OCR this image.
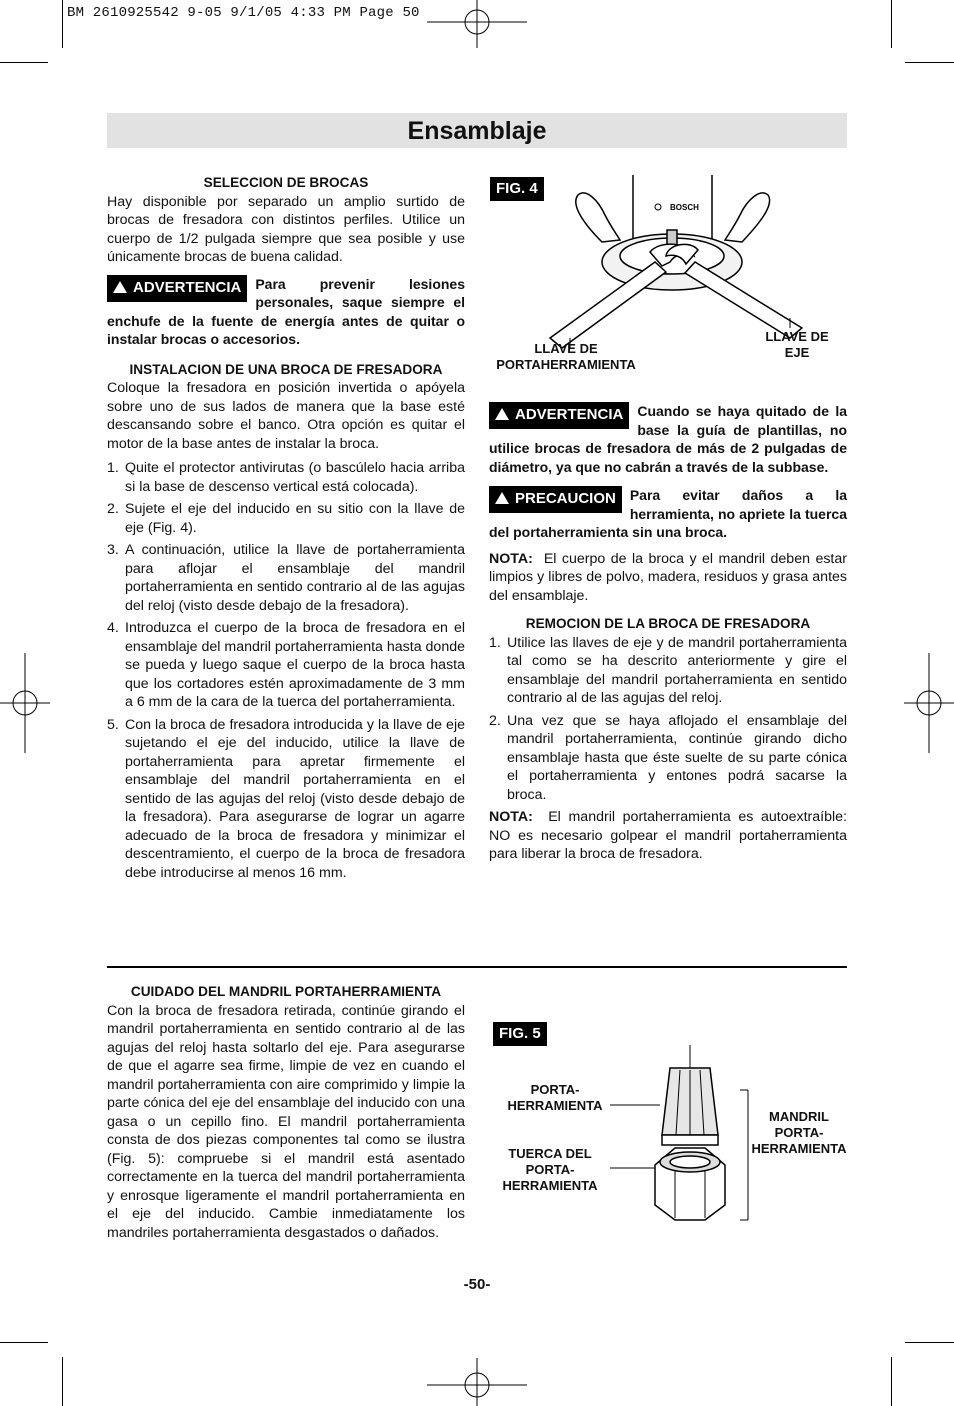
BM 2610925542 9-05 9/1/05 4:33 PM Page 50
Ensamblaje
SELECCION DE BROCAS

Hay disponible por separado un amplio surtido de brocas de fresadora con distintos perfiles. Utilice un cuerpo de 1/2 pulgada siempre que sea posible y use únicamente brocas de buena calidad.

ADVERTENCIA	Para prevenir lesiones personales, saque siempre el enchufe de la fuente de energía antes de quitar o instalar brocas o accesorios.
INSTALACION DE UNA BROCA DE FRESADORA

Coloque la fresadora en posición invertida o apóyela sobre uno de sus lados de manera que la base esté descansando sobre el banco. Otra opción es quitar el motor de la base antes de instalar la broca.

1. Quite el protector antivirutas (o bascúlelo hacia arriba si la base de descenso vertical está colocada).
2. Sujete el eje del inducido en su sitio con la llave de eje (Fig. 4).
3. A continuación, utilice la llave de portaherramienta para aflojar el ensamblaje del mandril portaherramienta en sentido contrario al de las agujas del reloj (visto desde debajo de la fresadora).
4. Introduzca el cuerpo de la broca de fresadora en el ensamblaje del mandril portaherramienta hasta donde se pueda y luego saque el cuerpo de la broca hasta que los cortadores estén aproximadamente de 3 mm a 6 mm de la cara de la tuerca del portaherramienta.
5. Con la broca de fresadora introducida y la llave de eje sujetando el eje del inducido, utilice la llave de portaherramienta para apretar firmemente el ensamblaje del mandril portaherramienta en el sentido de las agujas del reloj (visto desde debajo de la fresadora). Para asegurarse de lograr un agarre adecuado de la broca de fresadora y minimizar el descentramiento, el cuerpo de la broca de fresadora debe introducirse al menos 16 mm.
CUIDADO DEL MANDRIL PORTAHERRAMIENTA

Con la broca de fresadora retirada, continúe girando el mandril portaherramienta en sentido contrario al de las agujas del reloj hasta soltarlo del eje. Para asegurarse de que el agarre sea firme, limpie de vez en cuando el mandril portaherramienta con aire comprimido y limpie la parte cónica del eje del ensamblaje del inducido con una gasa o un cepillo fino. El mandril portaherramienta consta de dos piezas componentes tal como se ilustra (Fig. 5): compruebe si el mandril está asentado correctamente en la tuerca del mandril portaherramienta y enrosque ligeramente el mandril portaherramienta en el eje del inducido. Cambie inmediatamente los mandriles portaherramienta desgastados o dañados.

FIG. 4
BOSCH
LLAVE DE
PORTAHERRAMIENTA
LLAVE DE
EJE
ADVERTENCIA	Cuando se haya quitado de la base la guía de plantillas, no utilice brocas de fresadora de más de 2 pulgadas de diámetro, ya que no cabrán a través de la subbase.
PRECAUCION	Para evitar daños a la herramienta, no apriete la tuerca del portaherramienta sin una broca.

NOTA: El cuerpo de la broca y el mandril deben estar limpios y libres de polvo, madera, residuos y grasa antes del ensamblaje.

REMOCION DE LA BROCA DE FRESADORA
1. Utilice las llaves de eje y de mandril portaherramienta tal como se ha descrito anteriormente y gire el ensamblaje del mandril portaherramienta en sentido contrario al de las agujas del reloj.
2. Una vez que se haya aflojado el ensamblaje del mandril portaherramienta, continúe girando dicho ensamblaje hasta que éste suelte de su parte cónica el portaherramienta y entones podrá sacarse la broca.

NOTA: El mandril portaherramienta es autoextraíble: NO es necesario golpear el mandril portaherramienta para liberar la broca de fresadora.

FIG. 5
PORTA-
HERRAMIENTA
TUERCA DEL
PORTA-
HERRAMIENTA
MANDRIL
PORTA-
HERRAMIENTA
-50-
